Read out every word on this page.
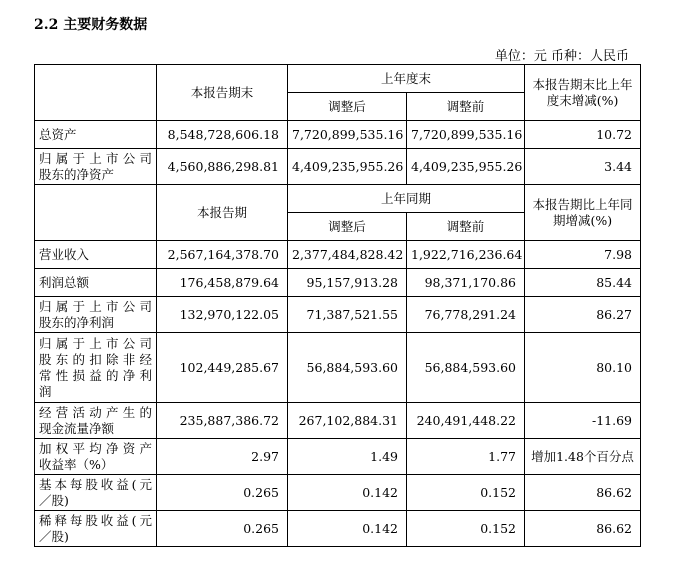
2.2 主要财务数据
单位：元 币种：人民币
	本报告期末	上年度末		本报告期末比上年度末增减(%)
		调整后	调整前	

总资产	8,548,728,606.18	7,720,899,535.16	7,720,899,535.16	10.72

归属于上市公司
股东的净资产	4,560,886,298.81	4,409,235,955.26	4,409,235,955.26	3.44
	本报告期	上年同期		本报告期比上年同期增减(%)
		调整后	调整前	

营业收入	2,567,164,378.70	2,377,484,828.42	1,922,716,236.64	7.98

利润总额	176,458,879.64	95,157,913.28	98,371,170.86	85.44

归属于上市公司
股东的净利润	132,970,122.05	71,387,521.55	76,778,291.24	86.27

归属于上市公司
股东的扣除非经
常性损益的净利
润	102,449,285.67	56,884,593.60	56,884,593.60	80.10

经营活动产生的
现金流量净额	235,887,386.72	267,102,884.31	240,491,448.22	-11.69

加权平均净资产
收益率（%）	2.97	1.49	1.77	增加1.48个百分点

基本每股收益(元
／股)	0.265	0.142	0.152	86.62

稀释每股收益(元
／股)	0.265	0.142	0.152	86.62
